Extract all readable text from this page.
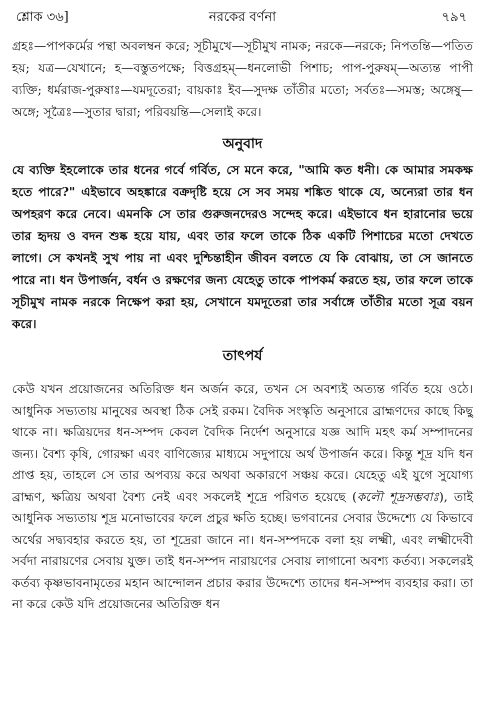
শ্লোক ৩৬]	নরকের বর্ণনা	৭৯৭

গ্রহঃ—পাপকর্মের পন্থা অবলম্বন করে; সূচীমুখে—সূচীমুখ নামক; নরকে—নরকে; নিপতন্তি—পতিত হয়; যত্র—যেখানে; হ—বস্তুতপক্ষে; বিত্তগ্রহম্—ধনলোভী পিশাচ; পাপ-পুরুষম্—অত্যন্ত পাপী ব্যক্তি; ধর্মরাজ-পুরুষাঃ—যমদূতেরা; বায়কাঃ ইব—সুদক্ষ তাঁতীর মতো; সর্বতঃ—সমস্ত; অঙ্গেষু—অঙ্গে; সূত্রৈঃ—সুতার দ্বারা; পরিবয়ন্তি—সেলাই করে।

অনুবাদ

যে ব্যক্তি ইহলোকে তার ধনের গর্বে গর্বিত, সে মনে করে, "আমি কত ধনী। কে আমার সমকক্ষ হতে পারে?" এইভাবে অহঙ্কারে বক্রদৃষ্টি হয়ে সে সব সময় শঙ্কিত থাকে যে, অন্যেরা তার ধন অপহরণ করে নেবে। এমনকি সে তার গুরুজনদেরও সন্দেহ করে। এইভাবে ধন হারানোর ভয়ে তার হৃদয় ও বদন শুষ্ক হয়ে যায়, এবং তার ফলে তাকে ঠিক একটি পিশাচের মতো দেখতে লাগে। সে কখনই সুখ পায় না এবং দুশ্চিন্তাহীন জীবন বলতে যে কি বোঝায়, তা সে জানতে পারে না। ধন উপার্জন, বর্ধন ও রক্ষণের জন্য যেহেতু তাকে পাপকর্ম করতে হয়, তার ফলে তাকে সূচীমুখ নামক নরকে নিক্ষেপ করা হয়, সেখানে যমদূতেরা তার সর্বাঙ্গে তাঁতীর মতো সূত্র বয়ন করে।

তাৎপর্য

কেউ যখন প্রয়োজনের অতিরিক্ত ধন অর্জন করে, তখন সে অবশ্যই অত্যন্ত গর্বিত হয়ে ওঠে। আধুনিক সভ্যতায় মানুষের অবস্থা ঠিক সেই রকম। বৈদিক সংস্কৃতি অনুসারে ব্রাহ্মণদের কাছে কিছু থাকে না। ক্ষত্রিয়দের ধন-সম্পদ কেবল বৈদিক নির্দেশ অনুসারে যজ্ঞ আদি মহৎ কর্ম সম্পাদনের জন্য। বৈশ্য কৃষি, গোরক্ষা এবং বাণিজ্যের মাধ্যমে সদুপায়ে অর্থ উপার্জন করে। কিন্তু শূদ্র যদি ধন প্রাপ্ত হয়, তাহলে সে তার অপব্যয় করে অথবা অকারণে সঞ্চয় করে। যেহেতু এই যুগে সুযোগ্য ব্রাহ্মণ, ক্ষত্রিয় অথবা বৈশ্য নেই এবং সকলেই শূদ্রে পরিণত হয়েছে (কলৌ শূদ্রসম্ভবাঃ), তাই আধুনিক সভ্যতায় শূদ্র মনোভাবের ফলে প্রচুর ক্ষতি হচ্ছে। ভগবানের সেবার উদ্দেশ্যে যে কিভাবে অর্থের সদ্ব্যবহার করতে হয়, তা শূদ্রেরা জানে না। ধন-সম্পদকে বলা হয় লক্ষ্মী, এবং লক্ষ্মীদেবী সর্বদা নারায়ণের সেবায় যুক্ত। তাই ধন-সম্পদ নারায়ণের সেবায় লাগানো অবশ্য কর্তব্য। সকলেরই কর্তব্য কৃষ্ণভাবনামৃতের মহান আন্দোলন প্রচার করার উদ্দেশ্যে তাদের ধন-সম্পদ ব্যবহার করা। তা না করে কেউ যদি প্রয়োজনের অতিরিক্ত ধন
